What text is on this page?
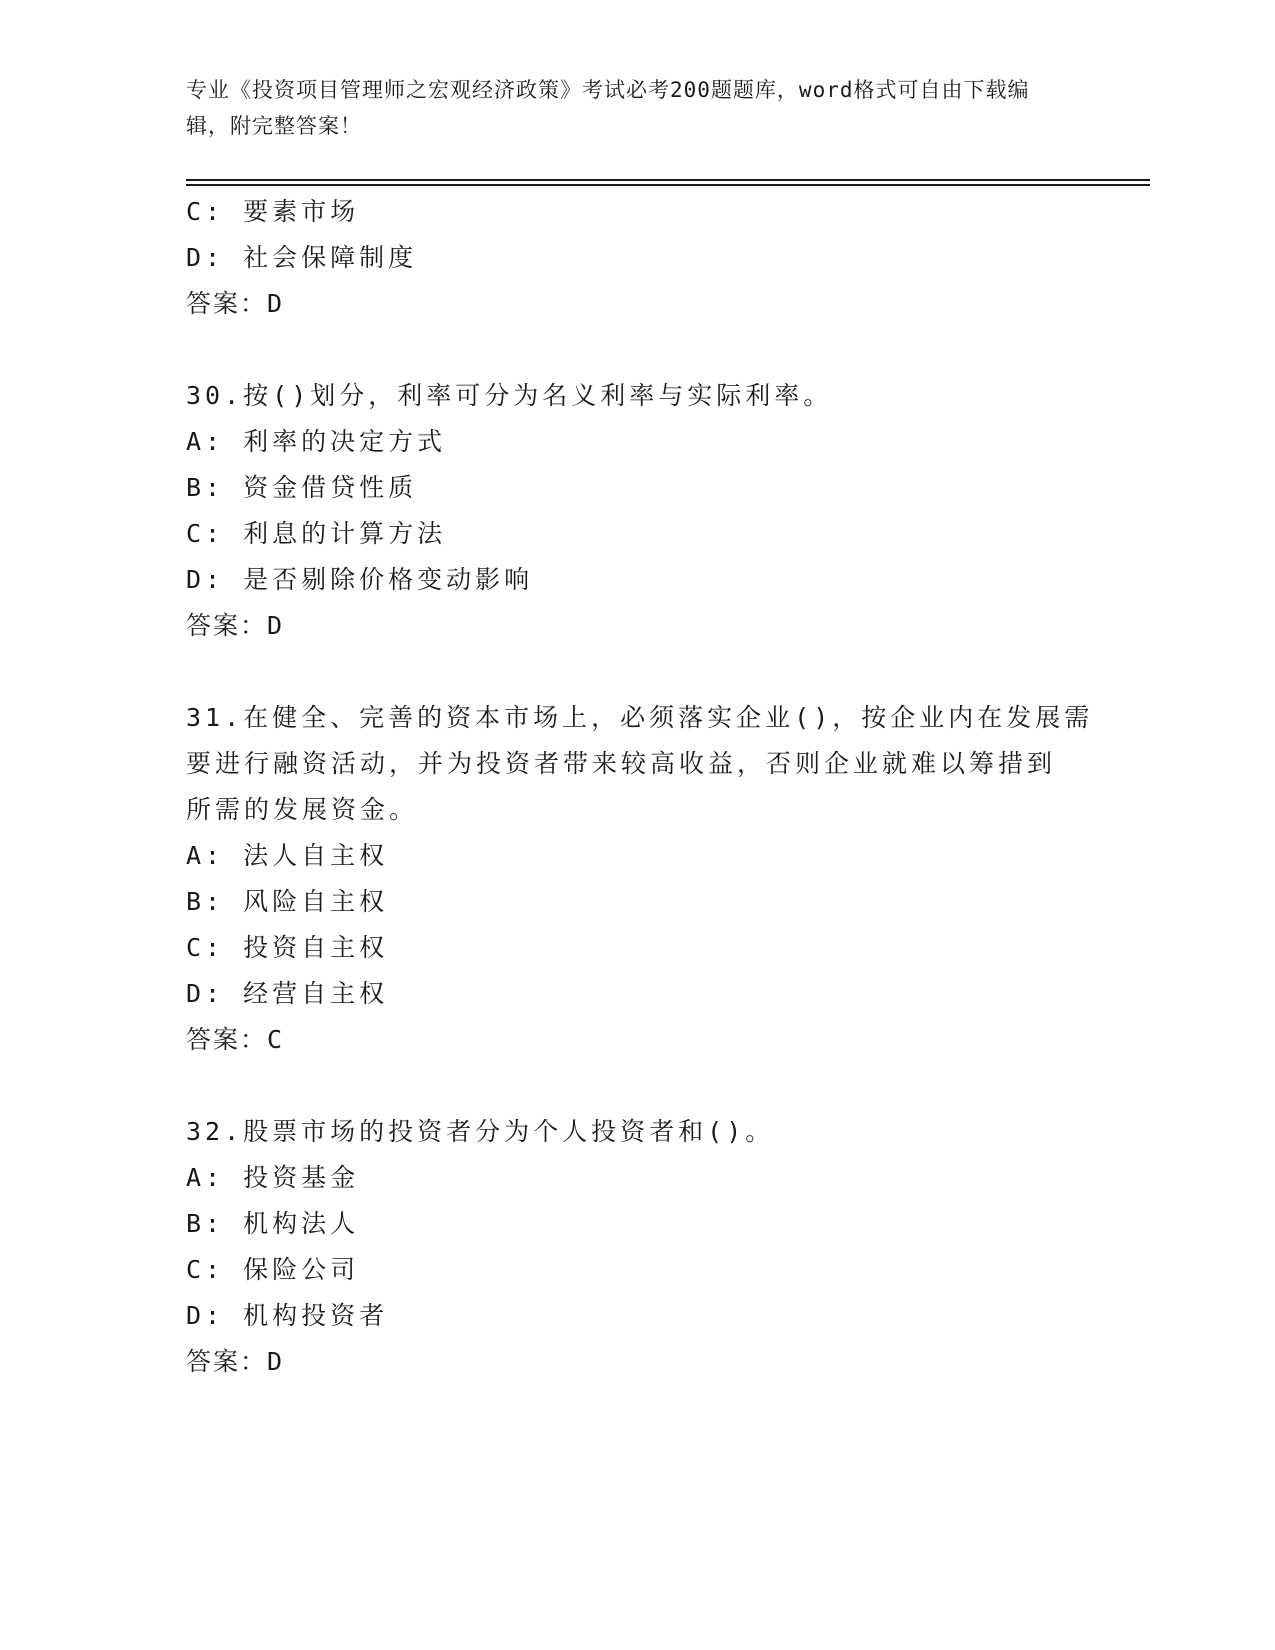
专业《投资项目管理师之宏观经济政策》考试必考200题题库，word格式可自由下载编辑，附完整答案！
C: 要素市场
D: 社会保障制度
答案：D
30.按()划分，利率可分为名义利率与实际利率。
A: 利率的决定方式
B: 资金借贷性质
C: 利息的计算方法
D: 是否剔除价格变动影响
答案：D
31.在健全、完善的资本市场上，必须落实企业()，按企业内在发展需
要进行融资活动，并为投资者带来较高收益，否则企业就难以筹措到
所需的发展资金。
A: 法人自主权
B: 风险自主权
C: 投资自主权
D: 经营自主权
答案：C
32.股票市场的投资者分为个人投资者和()。
A: 投资基金
B: 机构法人
C: 保险公司
D: 机构投资者
答案：D
